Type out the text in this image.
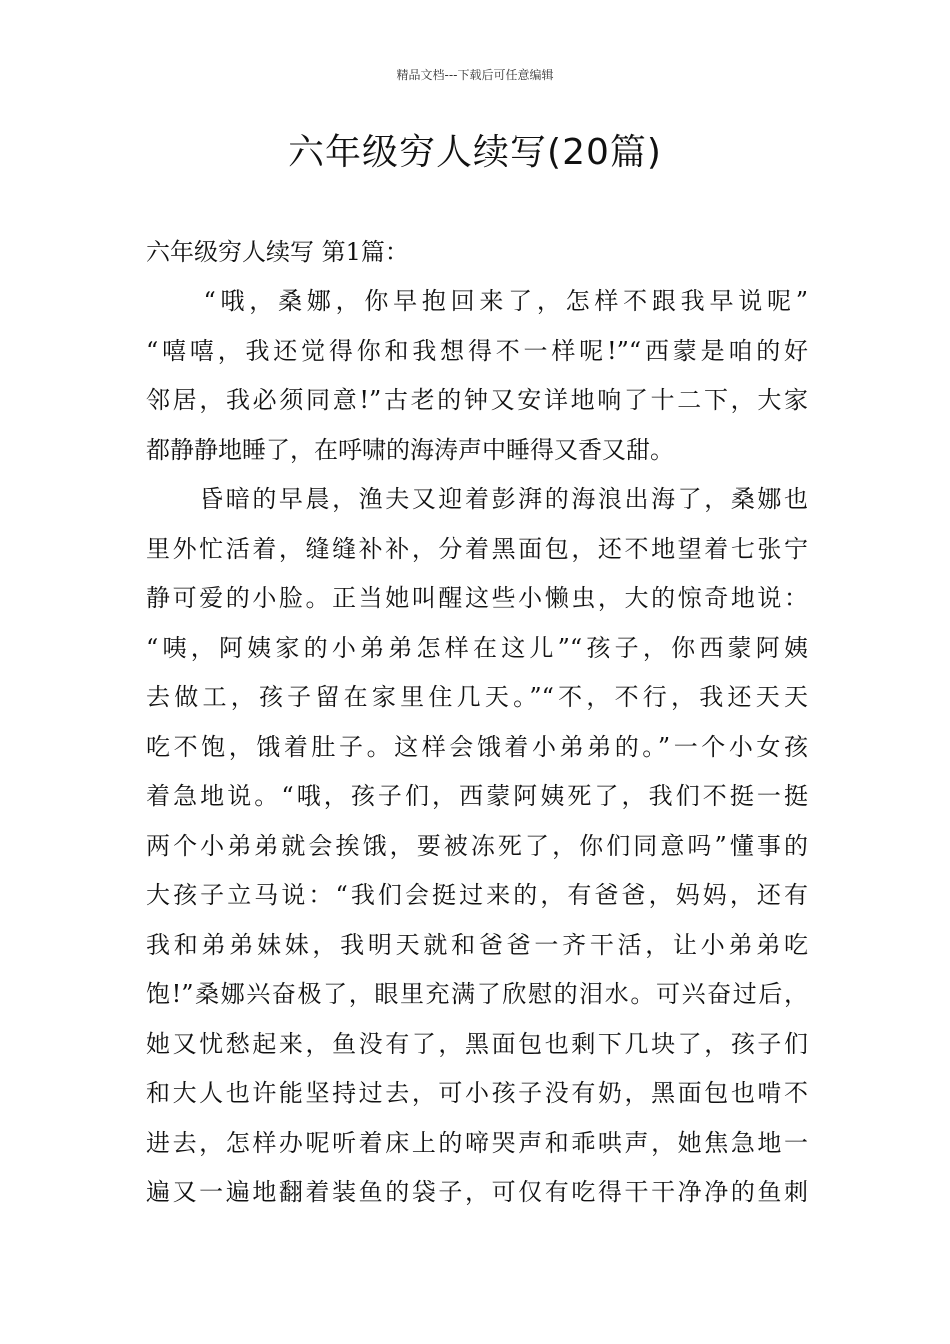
精品文档---下载后可任意编辑
六年级穷人续写(20篇)
六年级穷人续写 第1篇：
　　“哦，桑娜，你早抱回来了，怎样不跟我早说呢”
“嘻嘻，我还觉得你和我想得不一样呢!”“西蒙是咱的好
邻居，我必须同意!”古老的钟又安详地响了十二下，大家
都静静地睡了，在呼啸的海涛声中睡得又香又甜。
　　昏暗的早晨，渔夫又迎着彭湃的海浪出海了，桑娜也
里外忙活着，缝缝补补，分着黑面包，还不地望着七张宁
静可爱的小脸。正当她叫醒这些小懒虫，大的惊奇地说：
“咦，阿姨家的小弟弟怎样在这儿”“孩子，你西蒙阿姨
去做工，孩子留在家里住几天。”“不，不行，我还天天
吃不饱，饿着肚子。这样会饿着小弟弟的。”一个小女孩
着急地说。“哦，孩子们，西蒙阿姨死了，我们不挺一挺
两个小弟弟就会挨饿，要被冻死了，你们同意吗”懂事的
大孩子立马说：“我们会挺过来的，有爸爸，妈妈，还有
我和弟弟妹妹，我明天就和爸爸一齐干活，让小弟弟吃
饱!”桑娜兴奋极了，眼里充满了欣慰的泪水。可兴奋过后，
她又忧愁起来，鱼没有了，黑面包也剩下几块了，孩子们
和大人也许能坚持过去，可小孩子没有奶，黑面包也啃不
进去，怎样办呢听着床上的啼哭声和乖哄声，她焦急地一
遍又一遍地翻着装鱼的袋子，可仅有吃得干干净净的鱼刺
